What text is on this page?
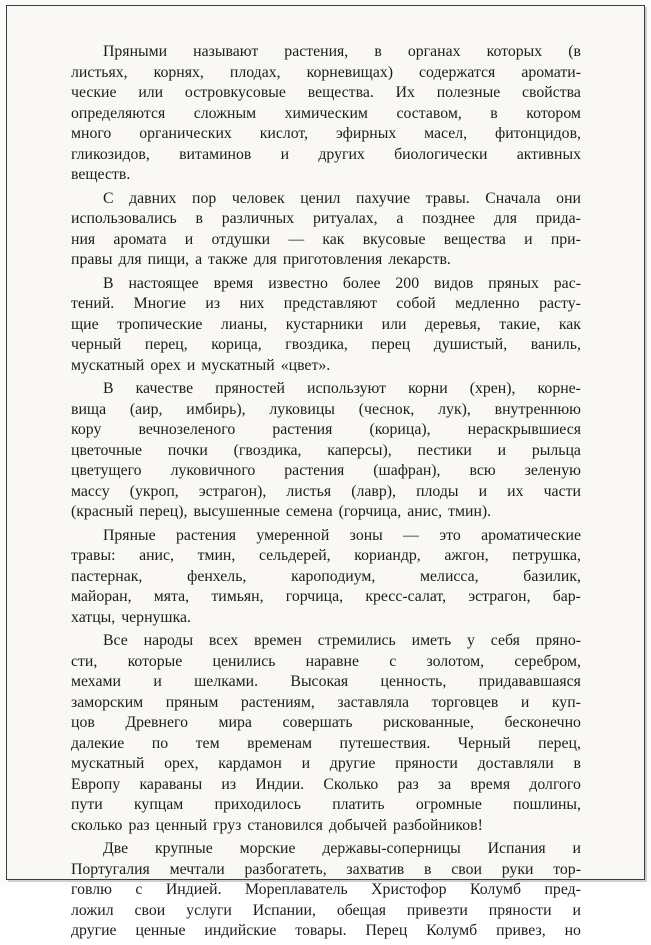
Пряными называют растения, в органах которых (в
листьях, корнях, плодах, корневищах) содержатся аромати-
ческие или островкусовые вещества. Их полезные свойства
определяются сложным химическим составом, в котором
много органических кислот, эфирных масел, фитонцидов,
гликозидов, витаминов и других биологически активных
веществ.
С давних пор человек ценил пахучие травы. Сначала они
использовались в различных ритуалах, а позднее для прида-
ния аромата и отдушки — как вкусовые вещества и при-
правы для пищи, а также для приготовления лекарств.
В настоящее время известно более 200 видов пряных рас-
тений. Многие из них представляют собой медленно расту-
щие тропические лианы, кустарники или деревья, такие, как
черный перец, корица, гвоздика, перец душистый, ваниль,
мускатный орех и мускатный «цвет».
В качестве пряностей используют корни (хрен), корне-
вища (аир, имбирь), луковицы (чеснок, лук), внутреннюю
кору вечнозеленого растения (корица), нераскрывшиеся
цветочные почки (гвоздика, каперсы), пестики и рыльца
цветущего луковичного растения (шафран), всю зеленую
массу (укроп, эстрагон), листья (лавр), плоды и их части
(красный перец), высушенные семена (горчица, анис, тмин).
Пряные растения умеренной зоны — это ароматические
травы: анис, тмин, сельдерей, кориандр, ажгон, петрушка,
пастернак,	фенхель,	кароподиум,	мелисса,	базилик,
майоран, мята, тимьян, горчица, кресс-салат, эстрагон, бар-
хатцы, чернушка.
Все народы всех времен стремились иметь у себя пряно-
сти, которые ценились наравне с золотом, серебром,
мехами и шелками. Высокая ценность, придававшаяся
заморским пряным растениям, заставляла торговцев и куп-
цов Древнего мира совершать рискованные, бесконечно
далекие по тем временам путешествия. Черный перец,
мускатный орех, кардамон и другие пряности доставляли в
Европу караваны из Индии. Сколько раз за время долгого
пути купцам приходилось платить огромные пошлины,
сколько раз ценный груз становился добычей разбойников!
Две крупные морские державы-соперницы Испания и
Португалия мечтали разбогатеть, захватив в свои руки тор-
говлю с Индией. Мореплаватель Христофор Колумб пред-
ложил свои услуги Испании, обещая привезти пряности и
другие ценные индийские товары. Перец Колумб привез, но
